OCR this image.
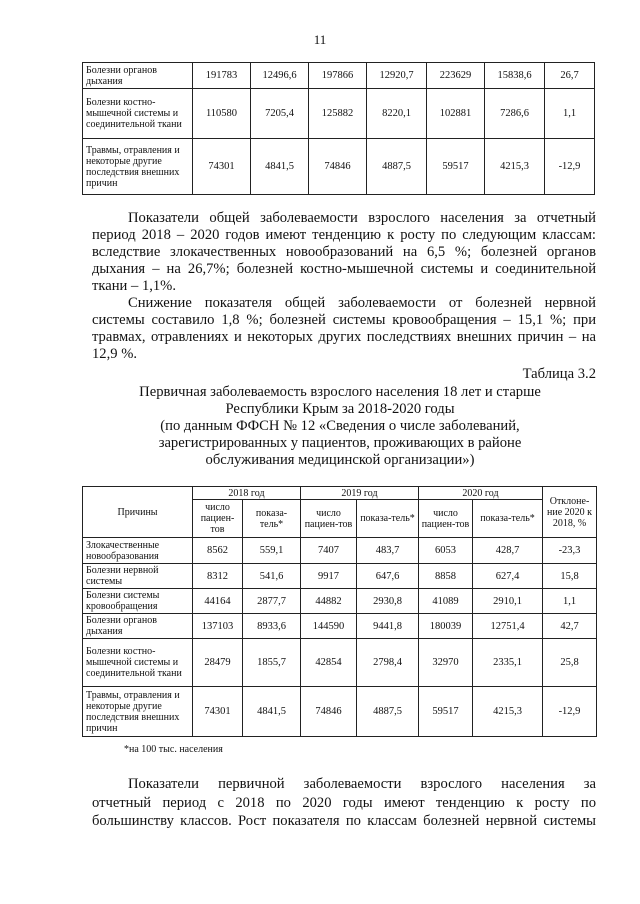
11
Болезни органов дыхания	191783	12496,6	197866	12920,7	223629	15838,6	26,7
Болезни костно-мышечной системы и соединительной ткани	110580	7205,4	125882	8220,1	102881	7286,6	1,1
Травмы, отравления и некоторые другие последствия внешних причин	74301	4841,5	74846	4887,5	59517	4215,3	-12,9

Показатели общей заболеваемости взрослого населения за отчетный период 2018 – 2020 годов имеют тенденцию к росту по следующим классам: вследствие злокачественных новообразований на 6,5 %; болезней органов дыхания – на 26,7%; болезней костно-мышечной системы и соединительной ткани – 1,1%.

Снижение показателя общей заболеваемости от болезней нервной системы составило 1,8 %; болезней системы кровообращения – 15,1 %; при травмах, отравлениях и некоторых других последствиях внешних причин – на 12,9 %.

Таблица 3.2
Первичная заболеваемость взрослого населения 18 лет и старше
Республики Крым за 2018-2020 годы
(по данным ФФСН № 12 «Сведения о числе заболеваний,
зарегистрированных у пациентов, проживающих в районе
обслуживания медицинской организации»)
Причины	2018 год		2019 год		2020 год		Отклоне-ние 2020 к 2018, %
	число пациен-тов	показа-тель*	число пациен-тов	показа-тель*	число пациен-тов	показа-тель*	
Злокачественные новообразования	8562	559,1	7407	483,7	6053	428,7	-23,3
Болезни нервной системы	8312	541,6	9917	647,6	8858	627,4	15,8
Болезни системы кровообращения	44164	2877,7	44882	2930,8	41089	2910,1	1,1
Болезни органов дыхания	137103	8933,6	144590	9441,8	180039	12751,4	42,7
Болезни костно-мышечной системы и соединительной ткани	28479	1855,7	42854	2798,4	32970	2335,1	25,8
Травмы, отравления и некоторые другие последствия внешних причин	74301	4841,5	74846	4887,5	59517	4215,3	-12,9
*на 100 тыс. населения
Показатели первичной заболеваемости взрослого населения за
отчетный период с 2018 по 2020 годы имеют тенденцию к росту по
большинству классов. Рост показателя по классам болезней нервной системы
